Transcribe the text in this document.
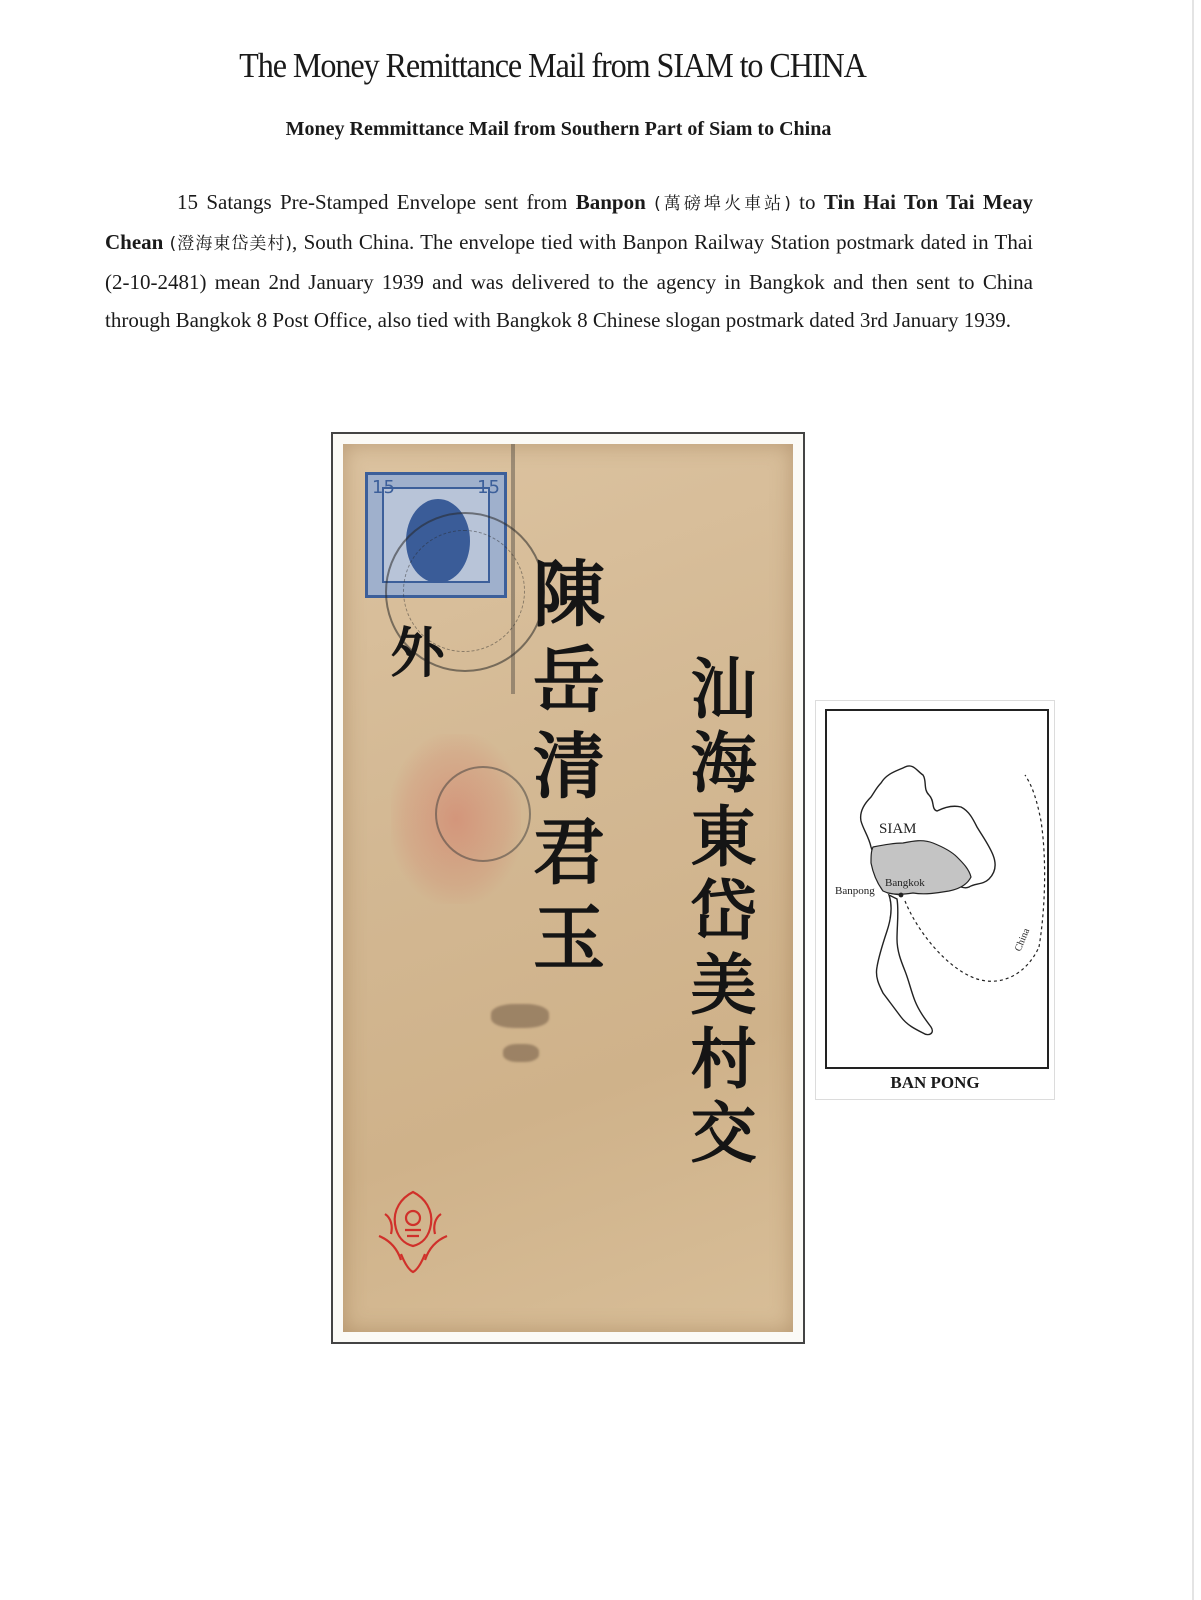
The Money Remittance Mail from SIAM to CHINA
Money Remmittance Mail from Southern Part of Siam to China

15 Satangs Pre-Stamped Envelope sent from Banpon (萬磅埠火車站) to Tin Hai Ton Tai Meay Chean (澄海東岱美村), South China. The envelope tied with Banpon Railway Station postmark dated in Thai (2-10-2481) mean 2nd January 1939 and was delivered to the agency in Bangkok and then sent to China through Bangkok 8 Post Office, also tied with Bangkok 8 Chinese slogan postmark dated 3rd January 1939.

15	15
陳岳清君玉 汕海東岱美村交
外
SIAM
Bangkok
Banpong
China
BAN PONG
